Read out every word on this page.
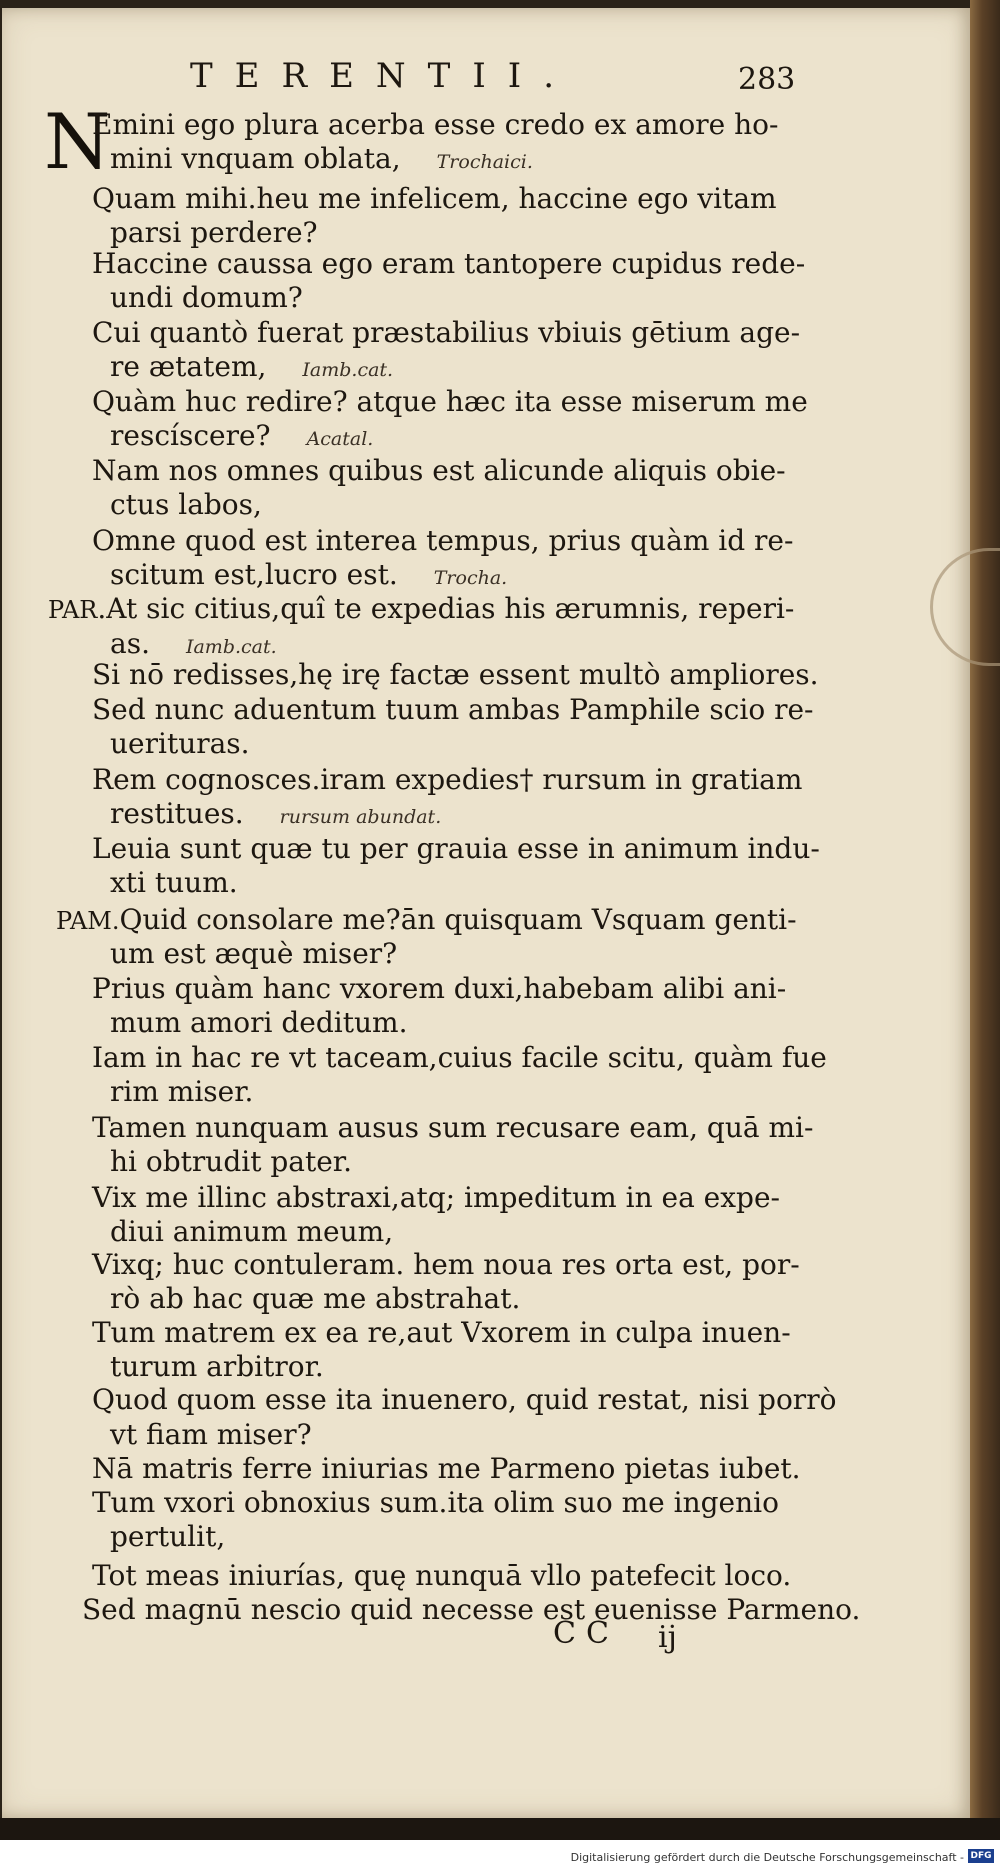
TERENTII.	283
N
Emini ego plura acerba esse credo ex amore ho-
mini vnquam oblata, Trochaici.
Quam mihi.heu me infelicem, haccine ego vitam
parsi perdere?
Haccine caussa ego eram tantopere cupidus rede-
undi domum?
Cui quantò fuerat præstabilius vbiuis gētium age-
re ætatem, Iamb.cat.
Quàm huc redire? atque hæc ita esse miserum me
rescíscere? Acatal.
Nam nos omnes quibus est alicunde aliquis obie-
ctus labos,
Omne quod est interea tempus, prius quàm id re-
scitum est,lucro est. Trocha.
PAR.At sic citius,quî te expedias his ærumnis, reperi-
as. Iamb.cat.
Si nō redisses,hę irę factæ essent multò ampliores.
Sed nunc aduentum tuum ambas Pamphile scio re-
uerituras.
Rem cognosces.iram expedies† rursum in gratiam
restitues. rursum abundat.
Leuia sunt quæ tu per grauia esse in animum indu-
xti tuum.
PAM.Quid consolare me?ān quisquam Vsquam genti-
um est æquè miser?
Prius quàm hanc vxorem duxi,habebam alibi ani-
mum amori deditum.
Iam in hac re vt taceam,cuius facile scitu, quàm fue
rim miser.
Tamen nunquam ausus sum recusare eam, quā mi-
hi obtrudit pater.
Vix me illinc abstraxi,atq; impeditum in ea expe-
diui animum meum,
Vixq; huc contuleram. hem noua res orta est, por-
rò ab hac quæ me abstrahat.
Tum matrem ex ea re,aut Vxorem in culpa inuen-
turum arbitror.
Quod quom esse ita inuenero, quid restat, nisi porrò
vt fiam miser?
Nā matris ferre iniurias me Parmeno pietas iubet.
Tum vxori obnoxius sum.ita olim suo me ingenio
pertulit,
Tot meas iniurías, quę nunquā vllo patefecit loco.
Sed magnū nescio quid necesse est euenisse Parmeno.
CC ij
Digitalisierung gefördert durch die Deutsche Forschungsgemeinschaft - DFG
